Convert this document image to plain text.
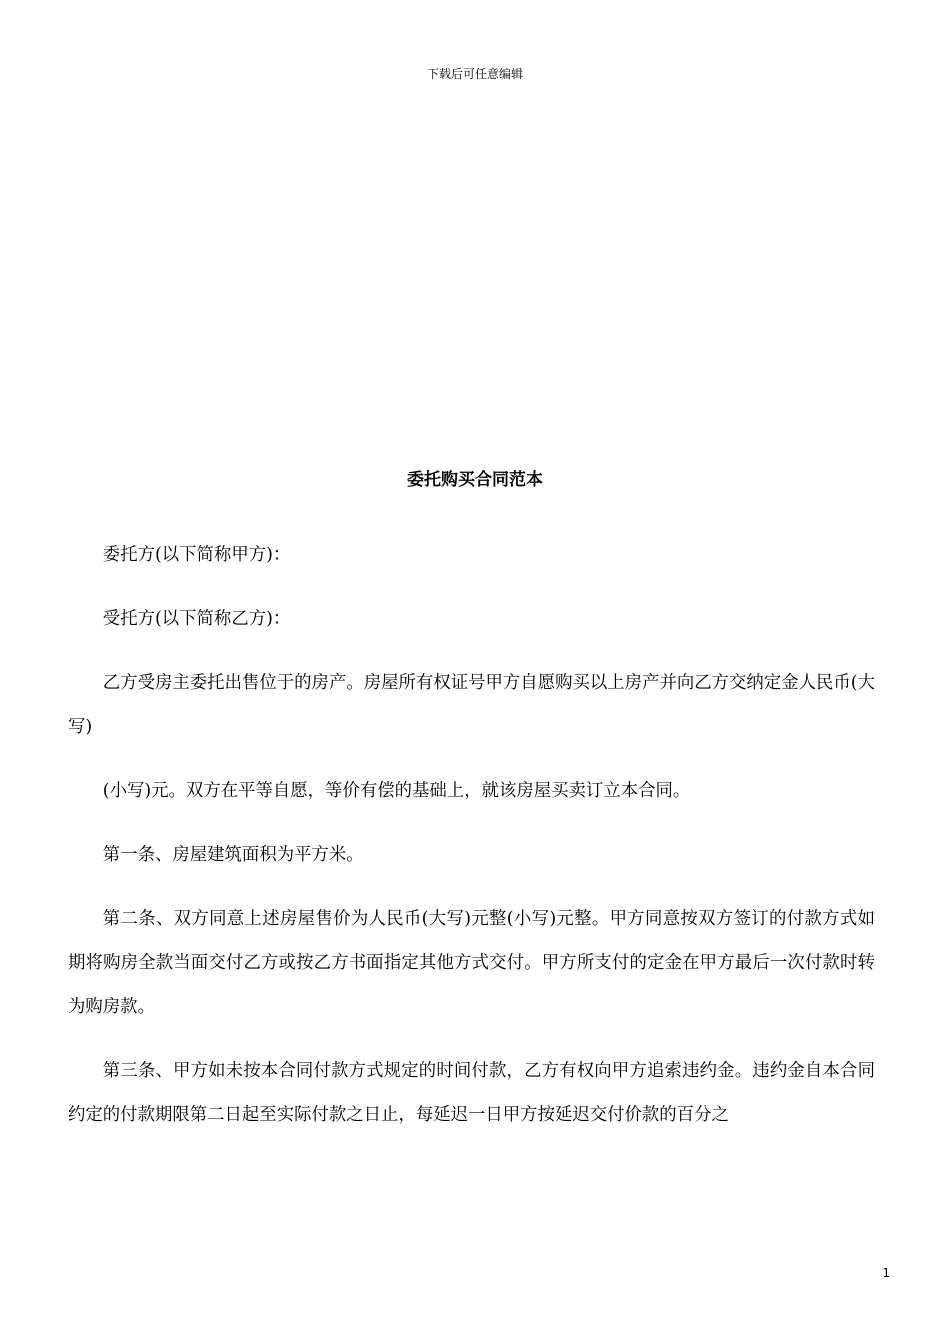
下载后可任意编辑
委托购买合同范本

委托方(以下简称甲方)：

受托方(以下简称乙方)：

乙方受房主委托出售位于的房产。房屋所有权证号甲方自愿购买以上房产并向乙方交纳定金人民币(大写)

(小写)元。双方在平等自愿，等价有偿的基础上，就该房屋买卖订立本合同。

第一条、房屋建筑面积为平方米。

第二条、双方同意上述房屋售价为人民币(大写)元整(小写)元整。甲方同意按双方签订的付款方式如期将购房全款当面交付乙方或按乙方书面指定其他方式交付。甲方所支付的定金在甲方最后一次付款时转为购房款。

第三条、甲方如未按本合同付款方式规定的时间付款，乙方有权向甲方追索违约金。违约金自本合同约定的付款期限第二日起至实际付款之日止，每延迟一日甲方按延迟交付价款的百分之

1
